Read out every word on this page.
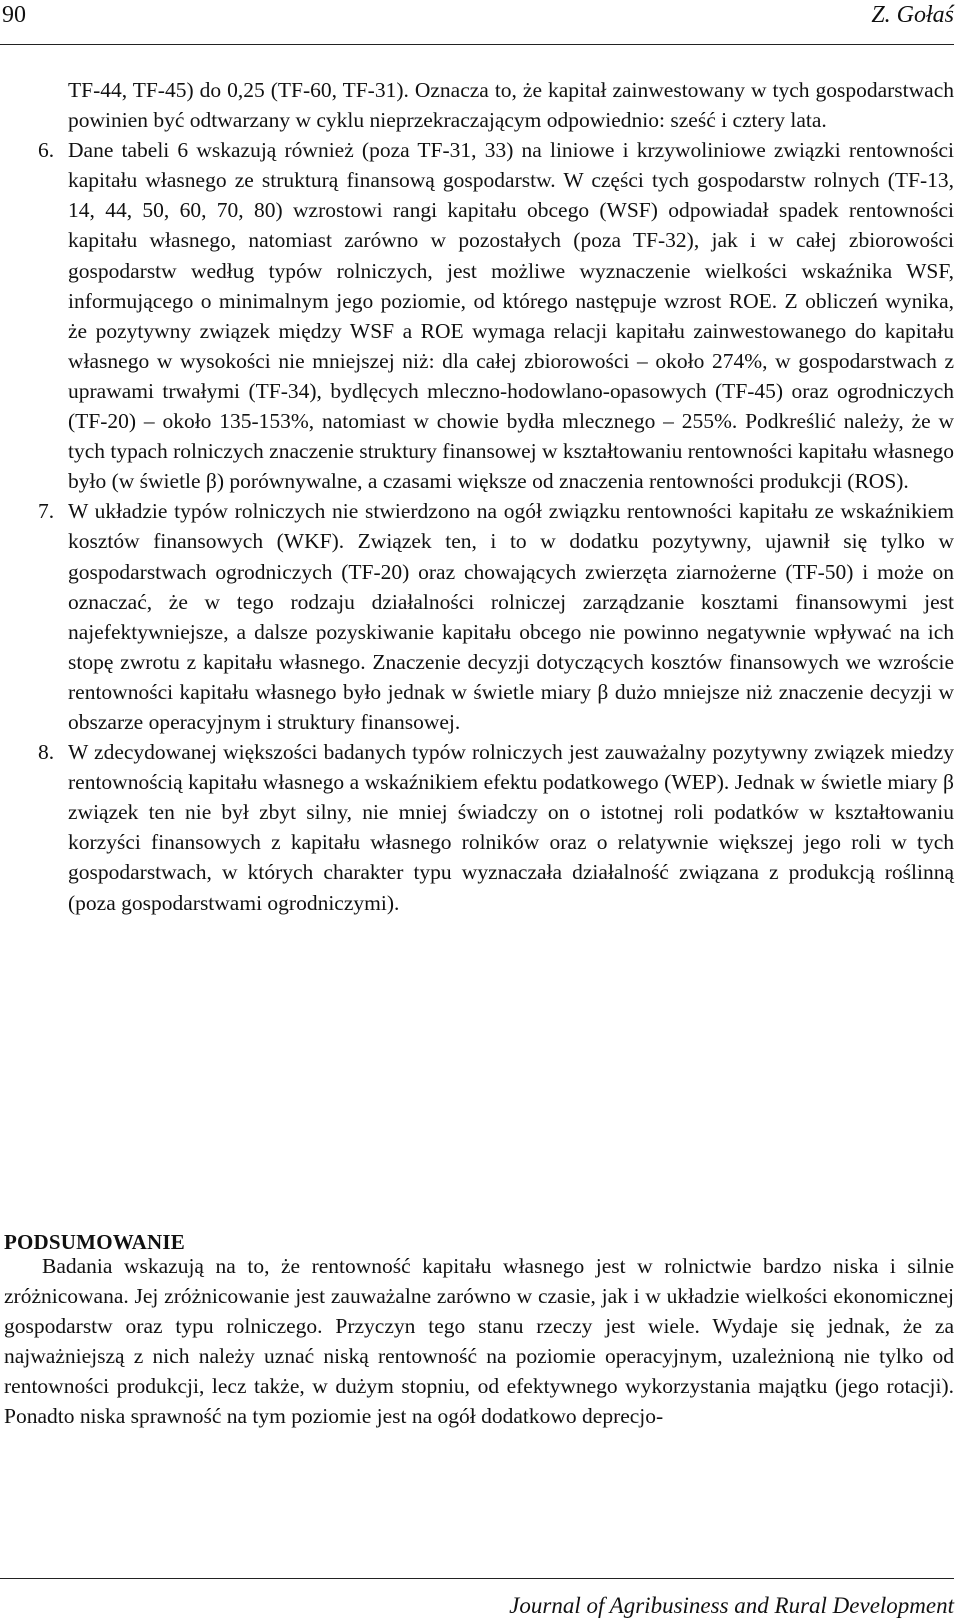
90	Z. Gołaś

TF-44, TF-45) do 0,25 (TF-60, TF-31). Oznacza to, że kapitał zainwestowany w tych gospodarstwach powinien być odtwarzany w cyklu nieprzekraczającym odpowiednio: sześć i cztery lata.

6. Dane tabeli 6 wskazują również (poza TF-31, 33) na liniowe i krzywoliniowe związki rentowności kapitału własnego ze strukturą finansową gospodarstw. W części tych gospodarstw rolnych (TF-13, 14, 44, 50, 60, 70, 80) wzrostowi rangi kapitału obcego (WSF) odpowiadał spadek rentowności kapitału własnego, natomiast zarówno w pozostałych (poza TF-32), jak i w całej zbiorowości gospodarstw według typów rolniczych, jest możliwe wyznaczenie wielkości wskaźnika WSF, informującego o minimalnym jego poziomie, od którego następuje wzrost ROE. Z obliczeń wynika, że pozytywny związek między WSF a ROE wymaga relacji kapitału zainwestowanego do kapitału własnego w wysokości nie mniejszej niż: dla całej zbiorowości – około 274%, w gospodarstwach z uprawami trwałymi (TF-34), bydlęcych mleczno-hodowlano-opasowych (TF-45) oraz ogrodniczych (TF-20) – około 135-153%, natomiast w chowie bydła mlecznego – 255%. Podkreślić należy, że w tych typach rolniczych znaczenie struktury finansowej w kształtowaniu rentowności kapitału własnego było (w świetle β) porównywalne, a czasami większe od znaczenia rentowności produkcji (ROS).

7. W układzie typów rolniczych nie stwierdzono na ogół związku rentowności kapitału ze wskaźnikiem kosztów finansowych (WKF). Związek ten, i to w dodatku pozytywny, ujawnił się tylko w gospodarstwach ogrodniczych (TF-20) oraz chowających zwierzęta ziarnożerne (TF-50) i może on oznaczać, że w tego rodzaju działalności rolniczej zarządzanie kosztami finansowymi jest najefektywniejsze, a dalsze pozyskiwanie kapitału obcego nie powinno negatywnie wpływać na ich stopę zwrotu z kapitału własnego. Znaczenie decyzji dotyczących kosztów finansowych we wzroście rentowności kapitału własnego było jednak w świetle miary β dużo mniejsze niż znaczenie decyzji w obszarze operacyjnym i struktury finansowej.

8. W zdecydowanej większości badanych typów rolniczych jest zauważalny pozytywny związek miedzy rentownością kapitału własnego a wskaźnikiem efektu podatkowego (WEP). Jednak w świetle miary β związek ten nie był zbyt silny, nie mniej świadczy on o istotnej roli podatków w kształtowaniu korzyści finansowych z kapitału własnego rolników oraz o relatywnie większej jego roli w tych gospodarstwach, w których charakter typu wyznaczała działalność związana z produkcją roślinną (poza gospodarstwami ogrodniczymi).

PODSUMOWANIE

Badania wskazują na to, że rentowność kapitału własnego jest w rolnictwie bardzo niska i silnie zróżnicowana. Jej zróżnicowanie jest zauważalne zarówno w czasie, jak i w układzie wielkości ekonomicznej gospodarstw oraz typu rolniczego. Przyczyn tego stanu rzeczy jest wiele. Wydaje się jednak, że za najważniejszą z nich należy uznać niską rentowność na poziomie operacyjnym, uzależnioną nie tylko od rentowności produkcji, lecz także, w dużym stopniu, od efektywnego wykorzystania majątku (jego rotacji). Ponadto niska sprawność na tym poziomie jest na ogół dodatkowo deprecjo-

Journal of Agribusiness and Rural Development
